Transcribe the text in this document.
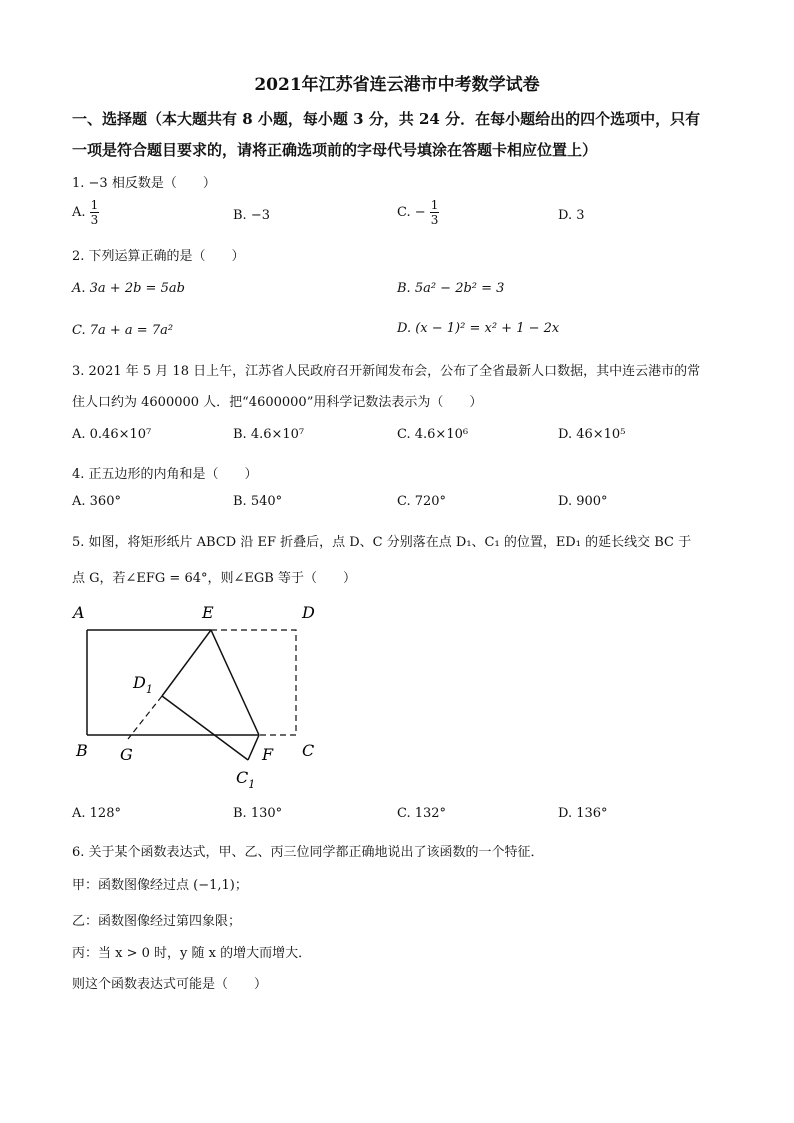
2021年江苏省连云港市中考数学试卷
一、选择题（本大题共有 8 小题，每小题 3 分，共 24 分．在每小题给出的四个选项中，只有
一项是符合题目要求的，请将正确选项前的字母代号填涂在答题卡相应位置上）
1. −3 相反数是（　　）
A. $\frac{1}{3}$	B. −3	C. − $\frac{1}{3}$	D. 3
2. 下列运算正确的是（　　）
A. 3a + 2b = 5ab	B. 5a² − 2b² = 3
C. 7a + a = 7a²	D. (x − 1)² = x² + 1 − 2x
3. 2021 年 5 月 18 日上午，江苏省人民政府召开新闻发布会，公布了全省最新人口数据，其中连云港市的常
住人口约为 4600000 人．把“4600000”用科学记数法表示为（　　）
A. 0.46×10⁷	B. 4.6×10⁷	C. 4.6×10⁶	D. 46×10⁵
4. 正五边形的内角和是（　　）
A. 360°	B. 540°	C. 720°	D. 900°
5. 如图，将矩形纸片 ABCD 沿 EF 折叠后，点 D、C 分别落在点 D₁、C₁ 的位置，ED₁ 的延长线交 BC 于
点 G，若∠EFG = 64°，则∠EGB 等于（　　）
A	E	D
$D_1$
B G	F C
$C_1$
A. 128°	B. 130°	C. 132°	D. 136°
6. 关于某个函数表达式，甲、乙、丙三位同学都正确地说出了该函数的一个特征．
甲：函数图像经过点 (−1,1)；
乙：函数图像经过第四象限；
丙：当 x > 0 时，y 随 x 的增大而增大．
则这个函数表达式可能是（　　）
